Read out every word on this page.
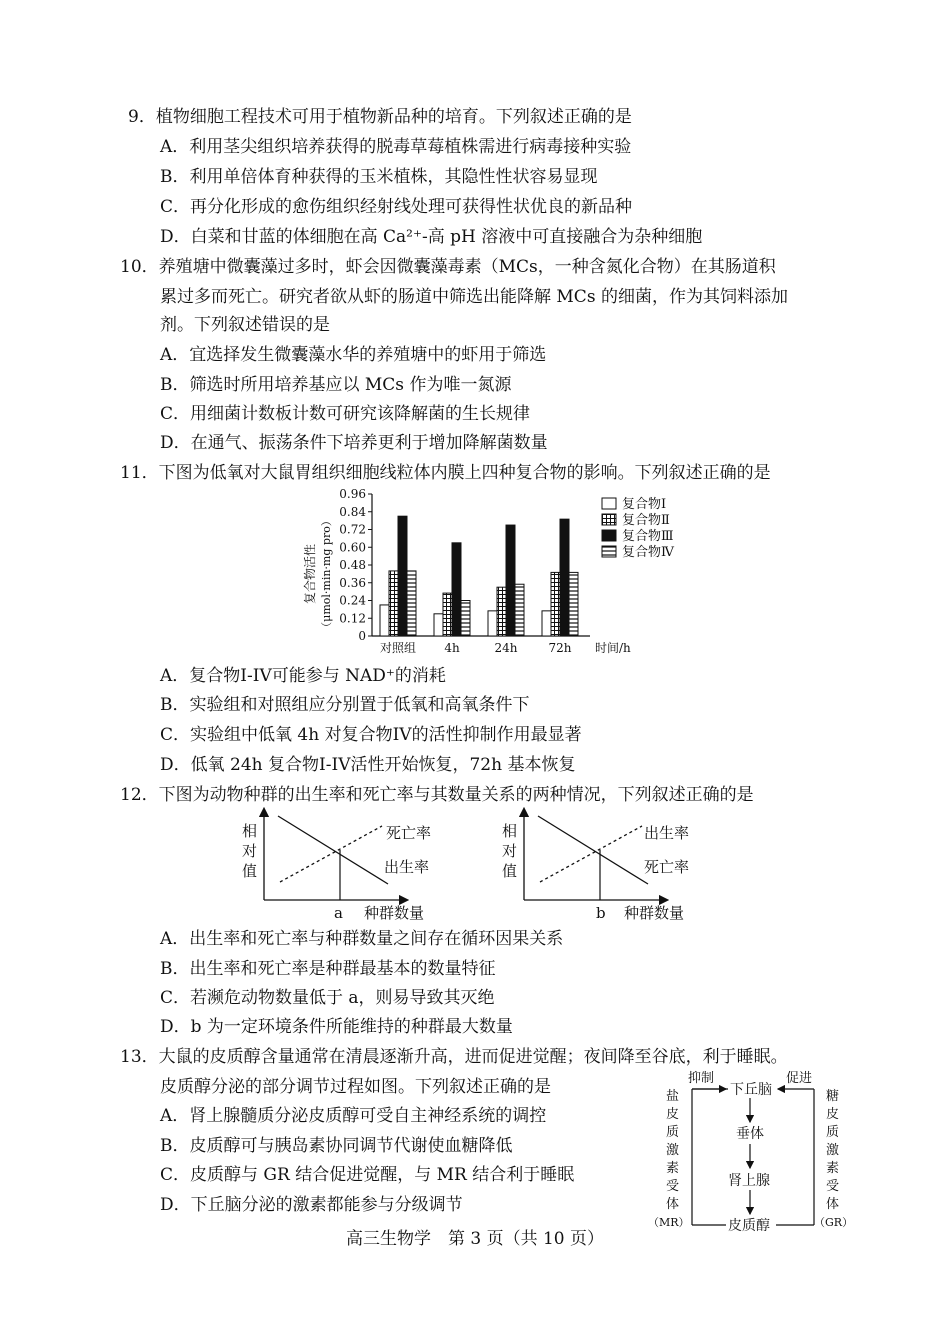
9．植物细胞工程技术可用于植物新品种的培育。下列叙述正确的是
A．利用茎尖组织培养获得的脱毒草莓植株需进行病毒接种实验
B．利用单倍体育种获得的玉米植株，其隐性性状容易显现
C．再分化形成的愈伤组织经射线处理可获得性状优良的新品种
D．白菜和甘蓝的体细胞在高 Ca²⁺-高 pH 溶液中可直接融合为杂种细胞
10．养殖塘中微囊藻过多时，虾会因微囊藻毒素（MCs，一种含氮化合物）在其肠道积
累过多而死亡。研究者欲从虾的肠道中筛选出能降解 MCs 的细菌，作为其饲料添加
剂。下列叙述错误的是
A．宜选择发生微囊藻水华的养殖塘中的虾用于筛选
B．筛选时所用培养基应以 MCs 作为唯一氮源
C．用细菌计数板计数可研究该降解菌的生长规律
D．在通气、振荡条件下培养更利于增加降解菌数量
11．下图为低氧对大鼠胃组织细胞线粒体内膜上四种复合物的影响。下列叙述正确的是
复合物活性 （μmol·min·mg pro）
0
0.12
0.24
0.36
0.48
0.60
0.72
0.84
0.96
对照组 4h	24h	72h
复合物Ⅰ
复合物Ⅱ
复合物Ⅲ
复合物Ⅳ
时间/h
A．复合物I-IV可能参与 NAD⁺的消耗
B．实验组和对照组应分别置于低氧和高氧条件下
C．实验组中低氧 4h 对复合物IV的活性抑制作用最显著
D．低氧 24h 复合物I-IV活性开始恢复，72h 基本恢复
12．下图为动物种群的出生率和死亡率与其数量关系的两种情况，下列叙述正确的是
相
对
值
死亡率
出生率
a 种群数量
相
对
值
出生率
死亡率
b 种群数量
A．出生率和死亡率与种群数量之间存在循环因果关系
B．出生率和死亡率是种群最基本的数量特征
C．若濒危动物数量低于 a，则易导致其灭绝
D．b 为一定环境条件所能维持的种群最大数量
13．大鼠的皮质醇含量通常在清晨逐渐升高，进而促进觉醒；夜间降至谷底，利于睡眠。
皮质醇分泌的部分调节过程如图。下列叙述正确的是
A．肾上腺髓质分泌皮质醇可受自主神经系统的调控
B．皮质醇可与胰岛素协同调节代谢使血糖降低
C．皮质醇与 GR 结合促进觉醒，与 MR 结合利于睡眠
D．下丘脑分泌的激素都能参与分级调节
抑制	促进
下丘脑
垂体
肾上腺
皮质醇
盐
皮
质
激
素
受
体
（MR）
糖
皮
质
激
素
受
体
（GR）
高三生物学　第 3 页（共 10 页）
